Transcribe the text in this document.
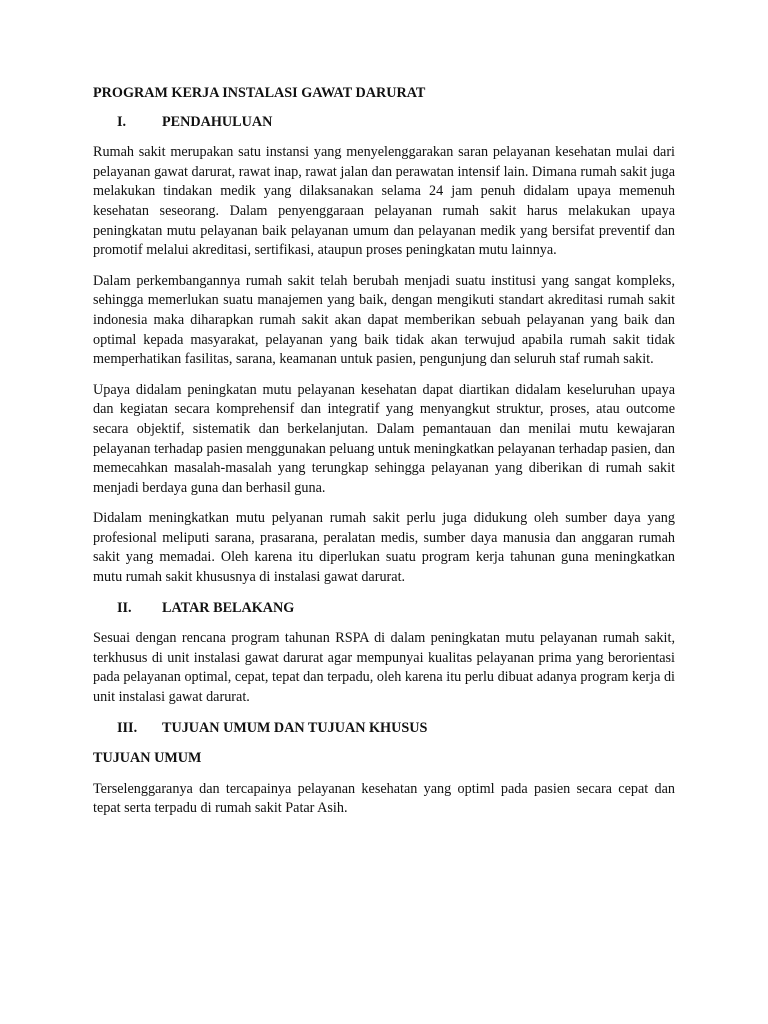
PROGRAM KERJA INSTALASI GAWAT DARURAT
I.	PENDAHULUAN

Rumah sakit merupakan satu instansi yang menyelenggarakan saran pelayanan kesehatan mulai dari pelayanan gawat darurat, rawat inap, rawat jalan dan perawatan intensif lain. Dimana rumah sakit juga melakukan tindakan medik yang dilaksanakan selama 24 jam penuh didalam upaya memenuh kesehatan seseorang. Dalam penyenggaraan pelayanan rumah sakit harus melakukan upaya peningkatan mutu pelayanan baik pelayanan umum dan pelayanan medik yang bersifat preventif dan promotif melalui akreditasi, sertifikasi, ataupun proses peningkatan mutu lainnya.

Dalam perkembangannya rumah sakit telah berubah menjadi suatu institusi yang sangat kompleks, sehingga memerlukan suatu manajemen yang baik, dengan mengikuti standart akreditasi rumah sakit indonesia maka diharapkan rumah sakit akan dapat memberikan sebuah pelayanan yang baik dan optimal kepada masyarakat, pelayanan yang baik tidak akan terwujud apabila rumah sakit tidak memperhatikan fasilitas, sarana, keamanan untuk pasien, pengunjung dan seluruh staf rumah sakit.

Upaya didalam peningkatan mutu pelayanan kesehatan dapat diartikan didalam keseluruhan upaya dan kegiatan secara komprehensif dan integratif yang menyangkut struktur, proses, atau outcome secara objektif, sistematik dan berkelanjutan. Dalam pemantauan dan menilai mutu kewajaran pelayanan terhadap pasien menggunakan peluang untuk meningkatkan pelayanan terhadap pasien, dan memecahkan masalah-masalah yang terungkap sehingga pelayanan yang diberikan di rumah sakit menjadi berdaya guna dan berhasil guna.

Didalam meningkatkan mutu pelyanan rumah sakit perlu juga didukung oleh sumber daya yang profesional meliputi sarana, prasarana, peralatan medis, sumber daya manusia dan anggaran rumah sakit yang memadai. Oleh karena itu diperlukan suatu program kerja tahunan guna meningkatkan mutu rumah sakit khususnya di instalasi gawat darurat.

II.	LATAR BELAKANG

Sesuai dengan rencana program tahunan RSPA di dalam peningkatan mutu pelayanan rumah sakit, terkhusus di unit instalasi gawat darurat agar mempunyai kualitas pelayanan prima yang berorientasi pada pelayanan optimal, cepat, tepat dan terpadu, oleh karena itu perlu dibuat adanya program kerja di unit instalasi gawat darurat.

III.	TUJUAN UMUM DAN TUJUAN KHUSUS
TUJUAN UMUM

Terselenggaranya dan tercapainya pelayanan kesehatan yang optiml pada pasien secara cepat dan tepat serta terpadu di rumah sakit Patar Asih.
